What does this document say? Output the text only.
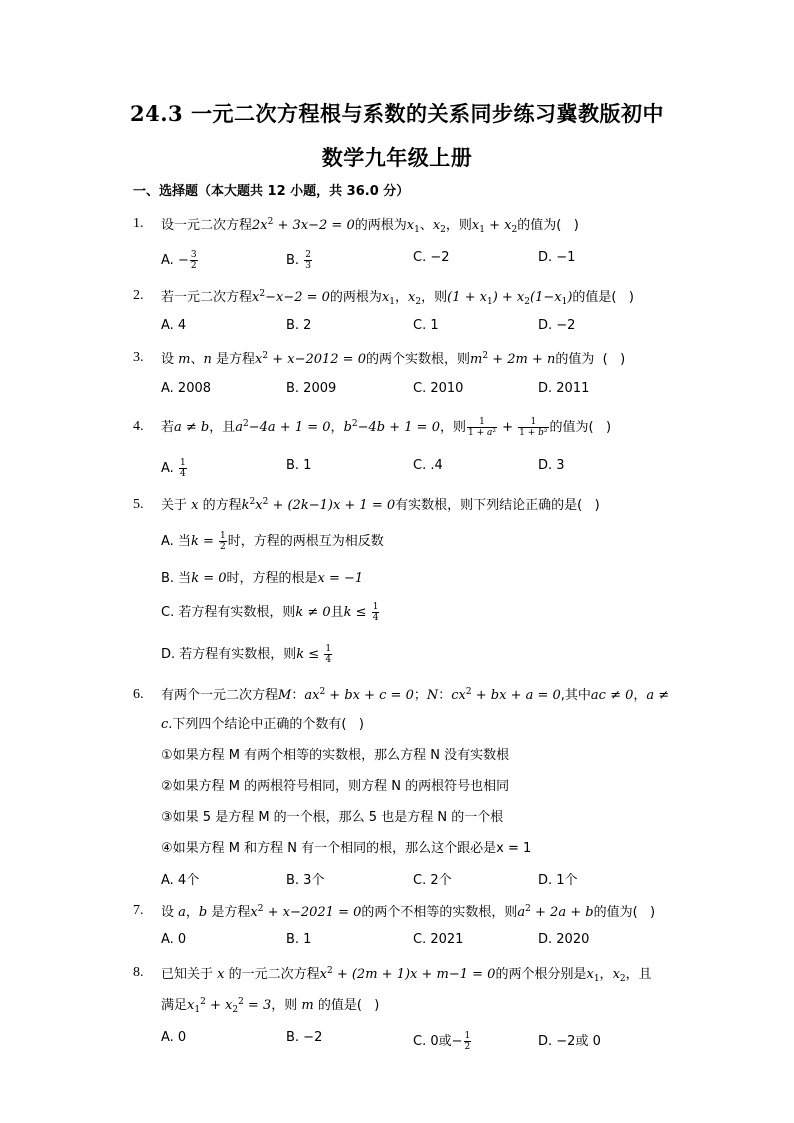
24.3 一元二次方程根与系数的关系同步练习冀教版初中
数学九年级上册
一、选择题（本大题共 12 小题，共 36.0 分）
1.	设一元二次方程$2x^2 + 3x-2 = 0$的两根为$x_1$、$x_2$，则$x_1 + x_2$的值为(   )
A. − $\frac{3}{2}$	B. $\frac{2}{3}$	C. −2	D. −1
2.	若一元二次方程$x^2-x-2 = 0$的两根为$x_1$，$x_2$，则$(1 + x_1) + x_2(1-x_1)$的值是(   )
A. 4	B. 2	C. 1	D. −2
3.	设 m、n 是方程$x^2 + x-2012 = 0$的两个实数根，则$m^2 + 2m + n$的值为  (   )
A. 2008	B. 2009	C. 2010	D. 2011
4.	若a ≠ b，且$a^2-4a + 1 = 0$，$b^2-4b + 1 = 0$，则 $\frac{1}{\text{1 + a²}} + \frac{1}{\text{1 + b²}}$ 的值为(   )
A. $\frac{1}{4}$	B. 1	C. .4	D. 3
5.	关于 x 的方程$k^2x^2 + (2k-1)x + 1 = 0$有实数根，则下列结论正确的是(   )
A. 当$k = \frac{1}{2}$ 时，方程的两根互为相反数
B. 当k = 0时，方程的根是x = −1
C. 若方程有实数根，则k ≠ 0且$k \le \frac{1}{4}$
D. 若方程有实数根，则$k \le \frac{1}{4}$
6.	有两个一元二次方程M：$ax^2$ + bx + c = 0；N：$cx^2$ + bx + a = 0,其中ac ≠ 0，a ≠
c.下列四个结论中正确的个数有(   )
①如果方程 M 有两个相等的实数根，那么方程 N 没有实数根
②如果方程 M 的两根符号相同，则方程 N 的两根符号也相同
③如果 5 是方程 M 的一个根，那么 5 也是方程 N 的一个根
④如果方程 M 和方程 N 有一个相同的根，那么这个跟必是x = 1
A. 4个	B. 3个	C. 2个	D. 1个
7.	设 a，b 是方程$x^2 + x-2021 = 0$的两个不相等的实数根，则$a^2 + 2a + b$的值为(   )
A. 0	B. 1	C. 2021	D. 2020
8.	已知关于 x 的一元二次方程$x^2 + (2m + 1)x + m-1 = 0$的两个根分别是$x_1$，$x_2$，且
满足$x_1^2 + x_2^2 = 3$，则 m 的值是(   )
A. 0	B. −2	C. 0或− $\frac{1}{2}$	D. −2或 0
